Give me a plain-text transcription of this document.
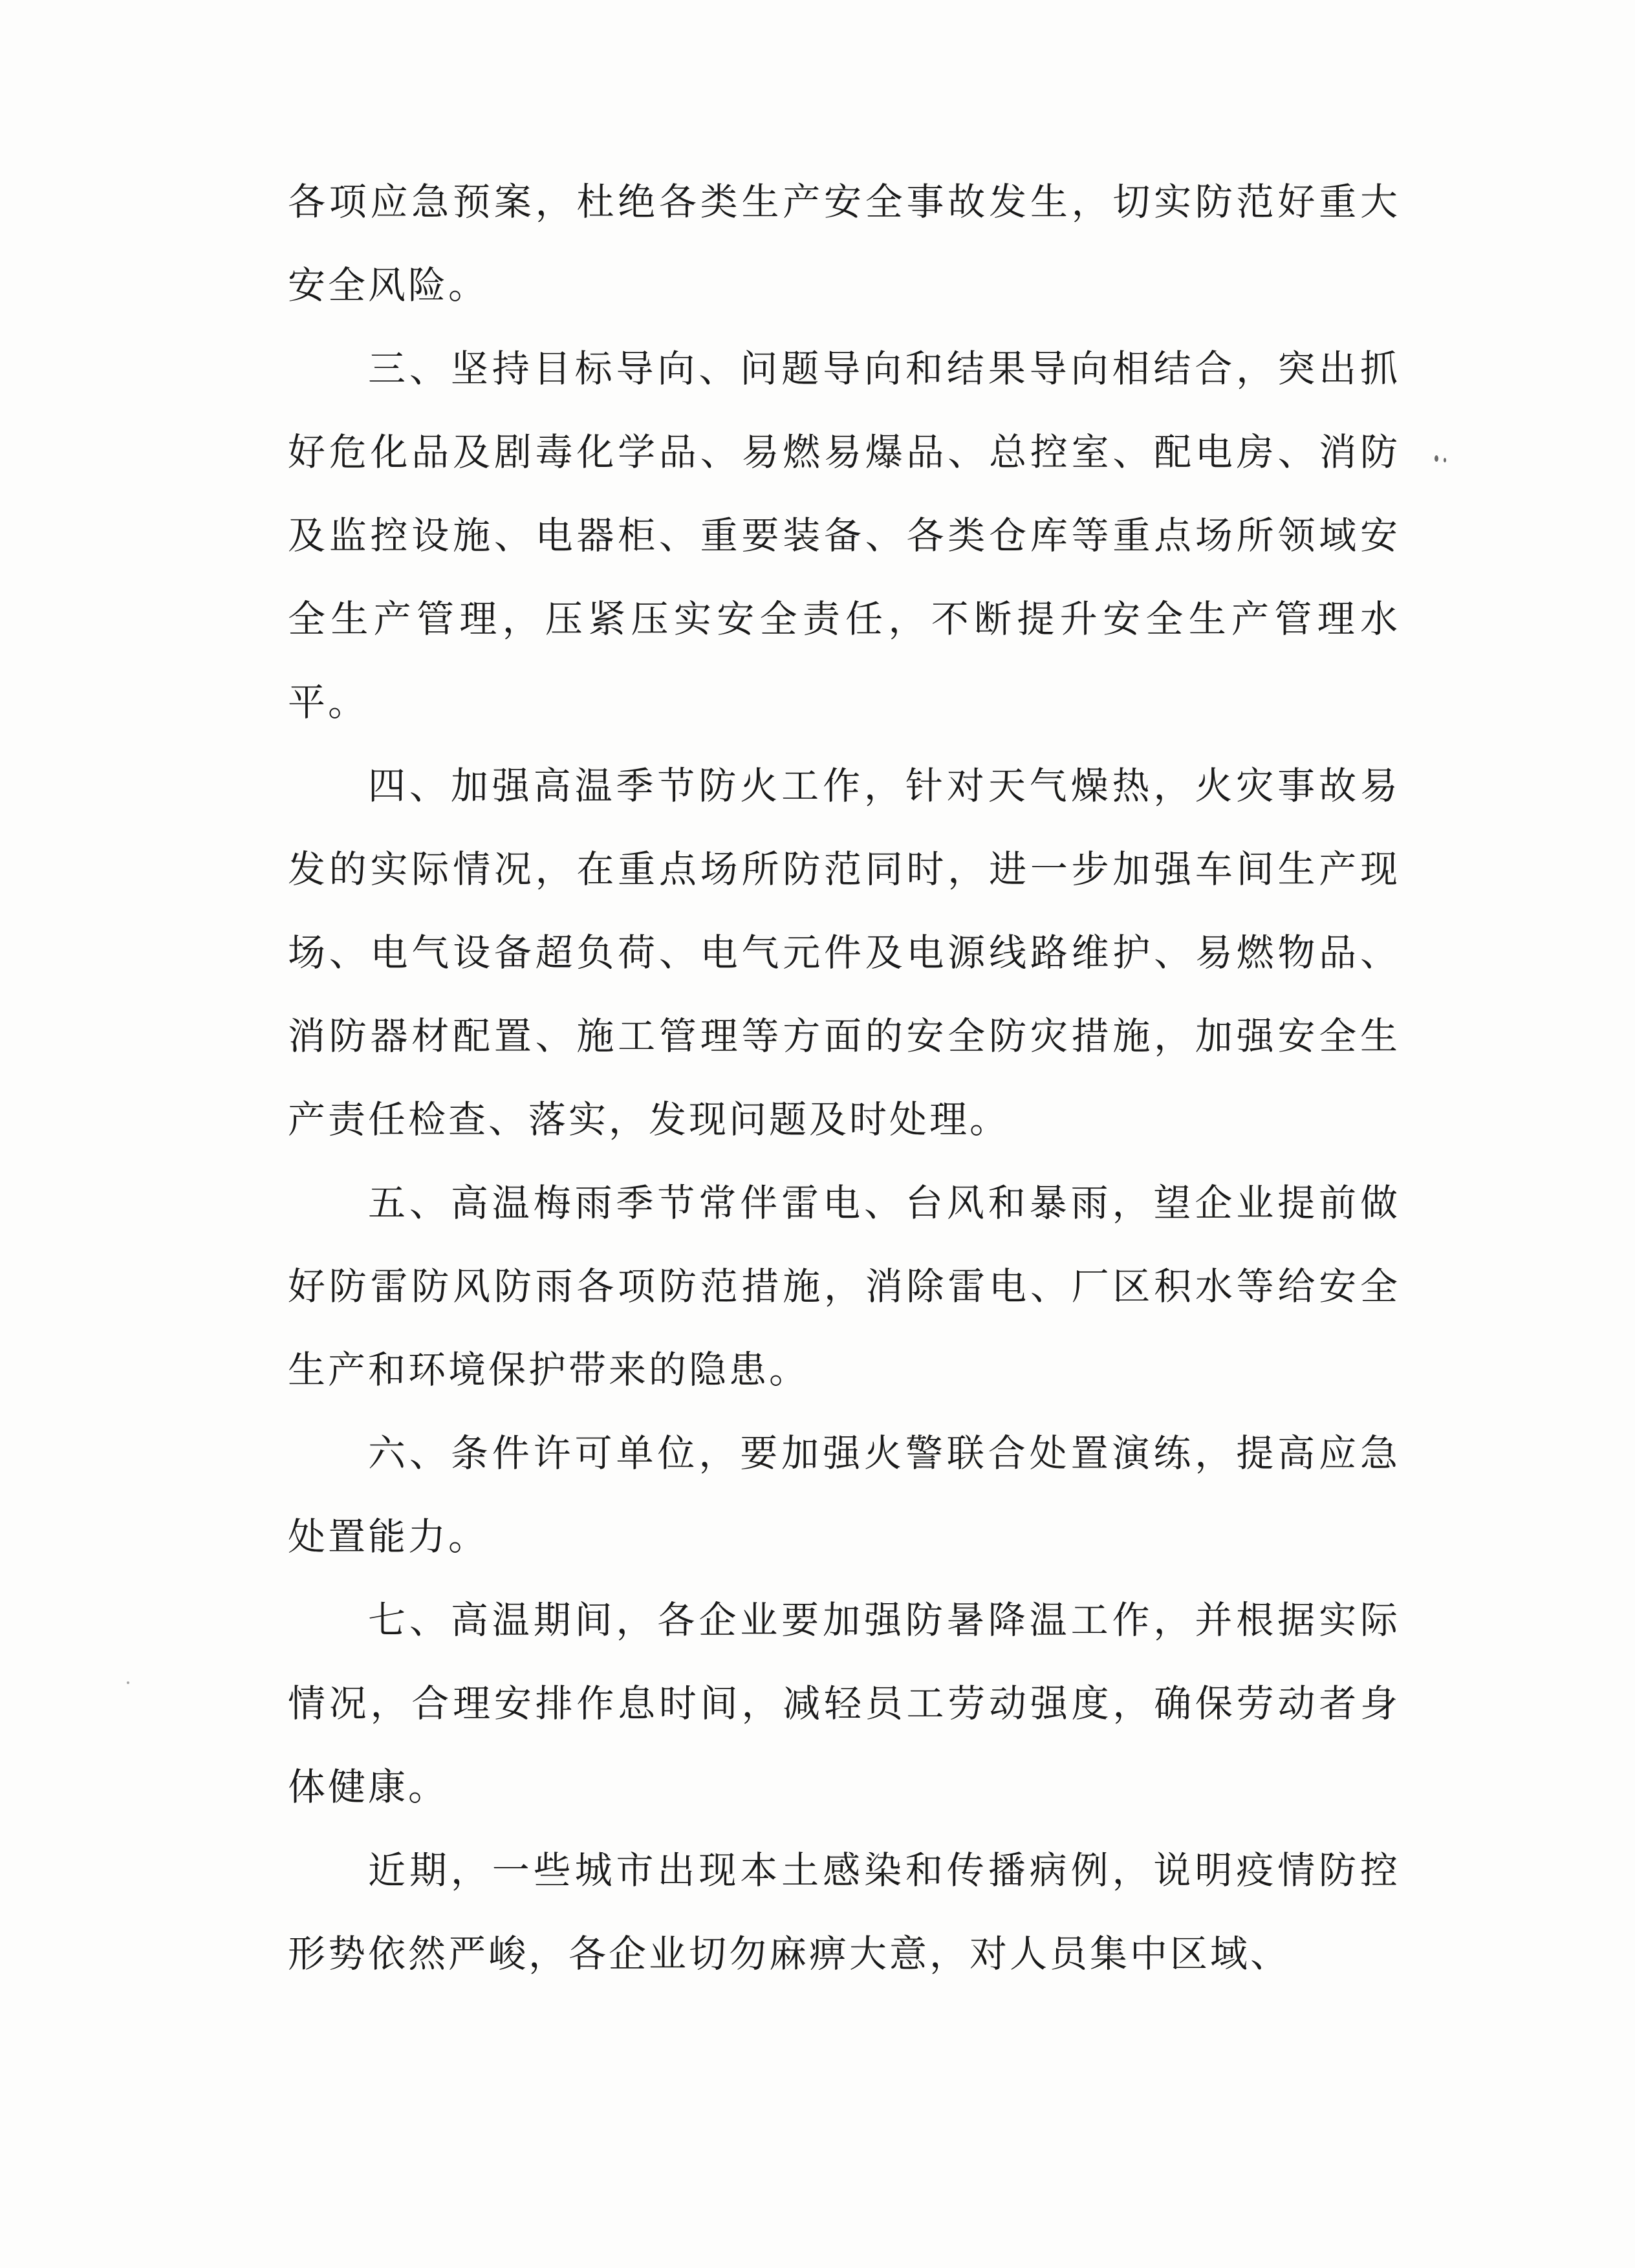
各项应急预案，杜绝各类生产安全事故发生，切实防范好重大安全风险。

三、坚持目标导向、问题导向和结果导向相结合，突出抓好危化品及剧毒化学品、易燃易爆品、总控室、配电房、消防及监控设施、电器柜、重要装备、各类仓库等重点场所领域安全生产管理，压紧压实安全责任，不断提升安全生产管理水平。

四、加强高温季节防火工作，针对天气燥热，火灾事故易发的实际情况，在重点场所防范同时，进一步加强车间生产现场、电气设备超负荷、电气元件及电源线路维护、易燃物品、消防器材配置、施工管理等方面的安全防灾措施，加强安全生产责任检查、落实，发现问题及时处理。

五、高温梅雨季节常伴雷电、台风和暴雨，望企业提前做好防雷防风防雨各项防范措施，消除雷电、厂区积水等给安全生产和环境保护带来的隐患。

六、条件许可单位，要加强火警联合处置演练，提高应急处置能力。

七、高温期间，各企业要加强防暑降温工作，并根据实际情况，合理安排作息时间，减轻员工劳动强度，确保劳动者身体健康。

近期，一些城市出现本土感染和传播病例，说明疫情防控形势依然严峻，各企业切勿麻痹大意，对人员集中区域、
